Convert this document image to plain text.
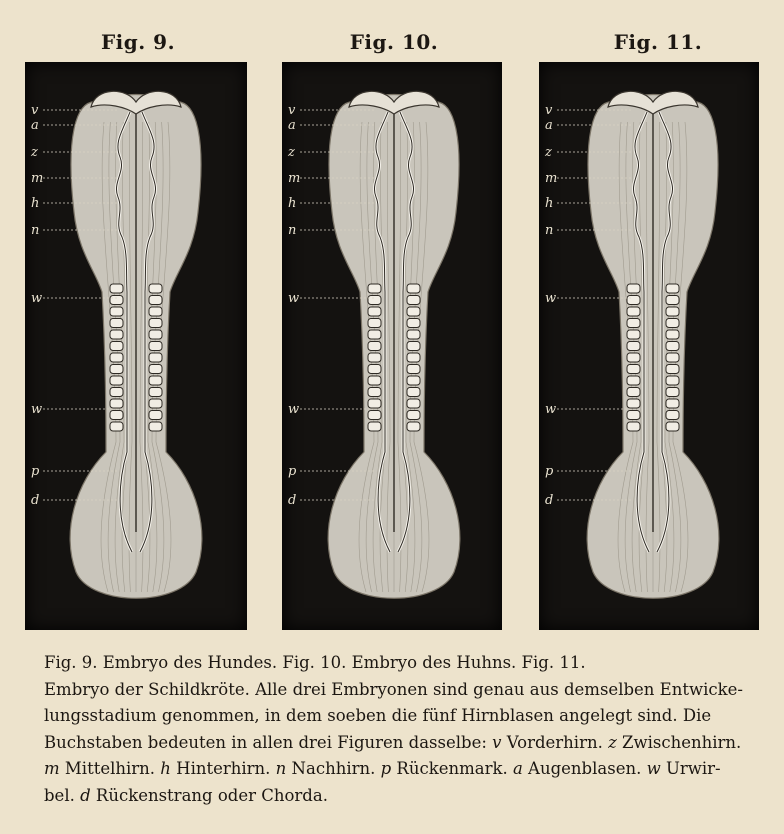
Fig. 9.	Fig. 10.	Fig. 11.
v
a
z
m
h
n
w
w
p
d
v
a
z
m
h
n
w
w
p
d
v
a
z
m
h
n
w
w
p
d

Fig. 9. Embryo des Hundes. Fig. 10. Embryo des Huhns. Fig. 11.

Embryo der Schildkröte. Alle drei Embryonen sind genau aus demselben Entwicke-

lungsstadium genommen, in dem soeben die fünf Hirnblasen angelegt sind. Die

Buchstaben bedeuten in allen drei Figuren dasselbe: v Vorderhirn. z Zwischenhirn.

m Mittelhirn. h Hinterhirn. n Nachhirn. p Rückenmark. a Augenblasen. w Urwir-

bel. d Rückenstrang oder Chorda.
